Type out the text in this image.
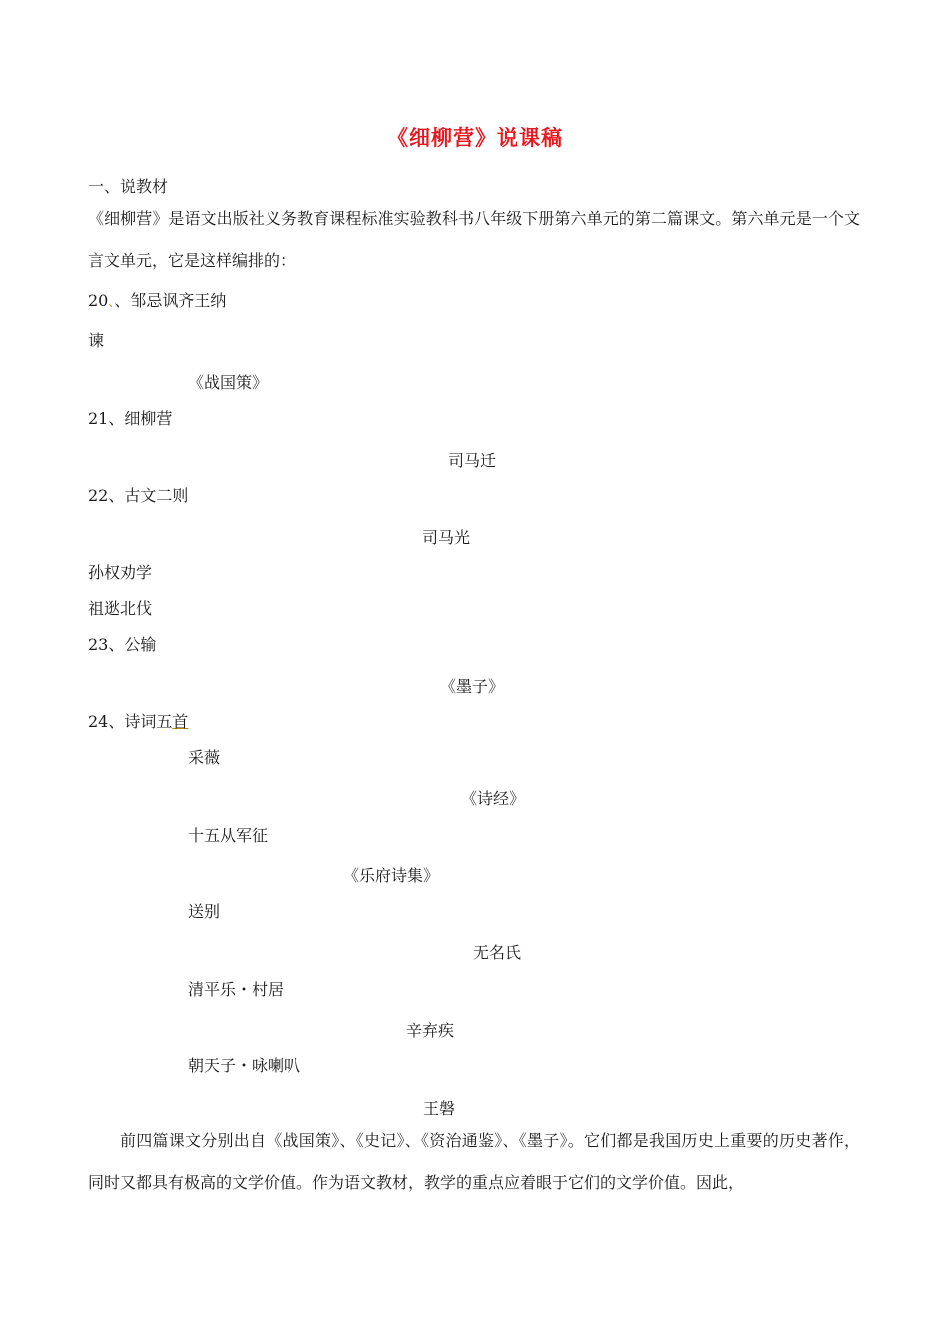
《细柳营》说课稿
一、说教材
《细柳营》是语文出版社义务教育课程标准实验教科书八年级下册第六单元的第二篇课文。第六单元是一个文言文单元，它是这样编排的：
20、、邹忌讽齐王纳
谏
《战国策》
21、细柳营
司马迁
22、古文二则
司马光
孙权劝学
祖逖北伐
23、公输
《墨子》
24、诗词五首
采薇
《诗经》
十五从军征
《乐府诗集》
送别
无名氏
清平乐・村居
辛弃疾
朝天子・咏喇叭
王磐
前四篇课文分别出自《战国策》、《史记》、《资治通鉴》、《墨子》。它们都是我国历史上重要的历史著作，同时又都具有极高的文学价值。作为语文教材，教学的重点应着眼于它们的文学价值。因此，
